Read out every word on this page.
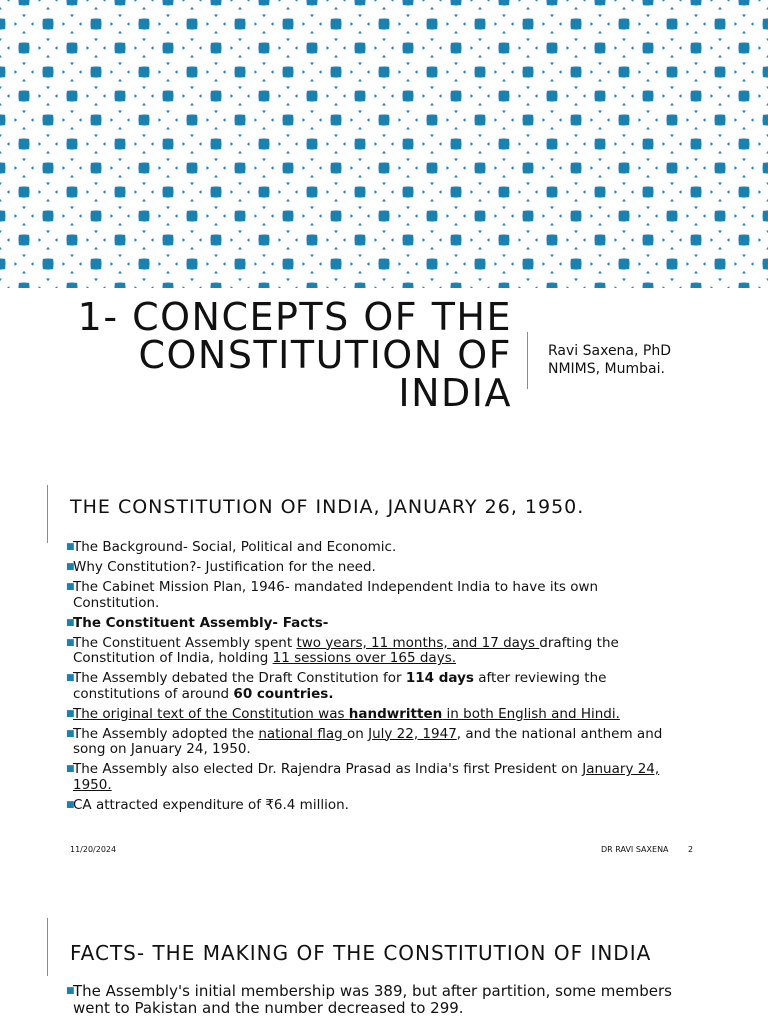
1- CONCEPTS OF THE
CONSTITUTION OF
INDIA
Ravi Saxena, PhD
NMIMS, Mumbai.
THE CONSTITUTION OF INDIA, JANUARY 26, 1950.
■
The Background- Social, Political and Economic.
■
Why Constitution?- Justification for the need.
■
The Cabinet Mission Plan, 1946- mandated Independent India to have its own Constitution.
■
The Constituent Assembly- Facts-
■
The Constituent Assembly spent two years, 11 months, and 17 days drafting the Constitution of India, holding 11 sessions over 165 days.
■
The Assembly debated the Draft Constitution for 114 days after reviewing the constitutions of around 60 countries.
■
The original text of the Constitution was handwritten in both English and Hindi.
■
The Assembly adopted the national flag on July 22, 1947, and the national anthem and song on January 24, 1950.
■
The Assembly also elected Dr. Rajendra Prasad as India's first President on January 24, 1950.
■
CA attracted expenditure of ₹6.4 million.
11/20/2024	DR RAVI SAXENA 2
FACTS- THE MAKING OF THE CONSTITUTION OF INDIA
■
The Assembly's initial membership was 389, but after partition, some members went to Pakistan and the number decreased to 299.
